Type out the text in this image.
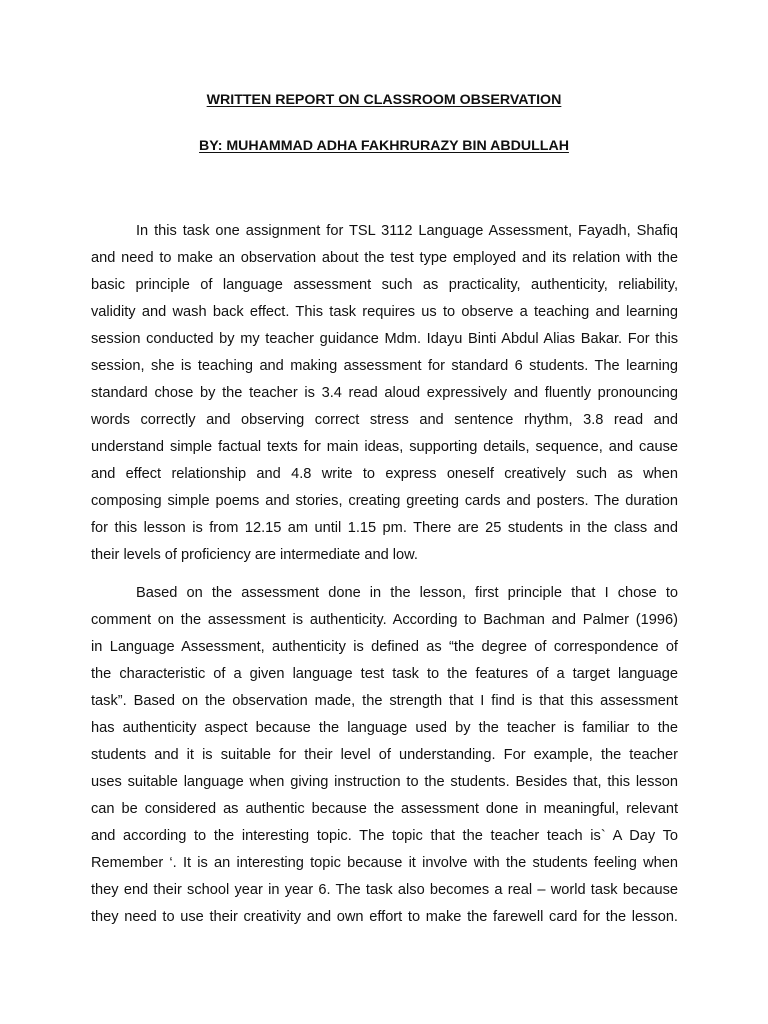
WRITTEN REPORT ON CLASSROOM OBSERVATION
BY: MUHAMMAD ADHA FAKHRURAZY BIN ABDULLAH
In this task one assignment for TSL 3112 Language Assessment, Fayadh, Shafiq
and need to make an observation about the test type employed and its relation with the
basic principle of language assessment such as practicality, authenticity, reliability,
validity and wash back effect. This task requires us to observe a teaching and learning
session conducted by my teacher guidance Mdm. Idayu Binti Abdul Alias Bakar. For this
session, she is teaching and making assessment for standard 6 students. The learning
standard chose by the teacher is 3.4 read aloud expressively and fluently pronouncing
words correctly and observing correct stress and sentence rhythm, 3.8 read and
understand simple factual texts for main ideas, supporting details, sequence, and cause
and effect relationship and 4.8 write to express oneself creatively such as when
composing simple poems and stories, creating greeting cards and posters. The duration
for this lesson is from 12.15 am until 1.15 pm. There are 25 students in the class and
their levels of proficiency are intermediate and low.
Based on the assessment done in the lesson, first principle that I chose to
comment on the assessment is authenticity. According to Bachman and Palmer (1996)
in Language Assessment, authenticity is defined as “the degree of correspondence of
the characteristic of a given language test task to the features of a target language
task”. Based on the observation made, the strength that I find is that this assessment
has authenticity aspect because the language used by the teacher is familiar to the
students and it is suitable for their level of understanding. For example, the teacher
uses suitable language when giving instruction to the students. Besides that, this lesson
can be considered as authentic because the assessment done in meaningful, relevant
and according to the interesting topic. The topic that the teacher teach is` A Day To
Remember ‘. It is an interesting topic because it involve with the students feeling when
they end their school year in year 6. The task also becomes a real – world task because
they need to use their creativity and own effort to make the farewell card for the lesson.
